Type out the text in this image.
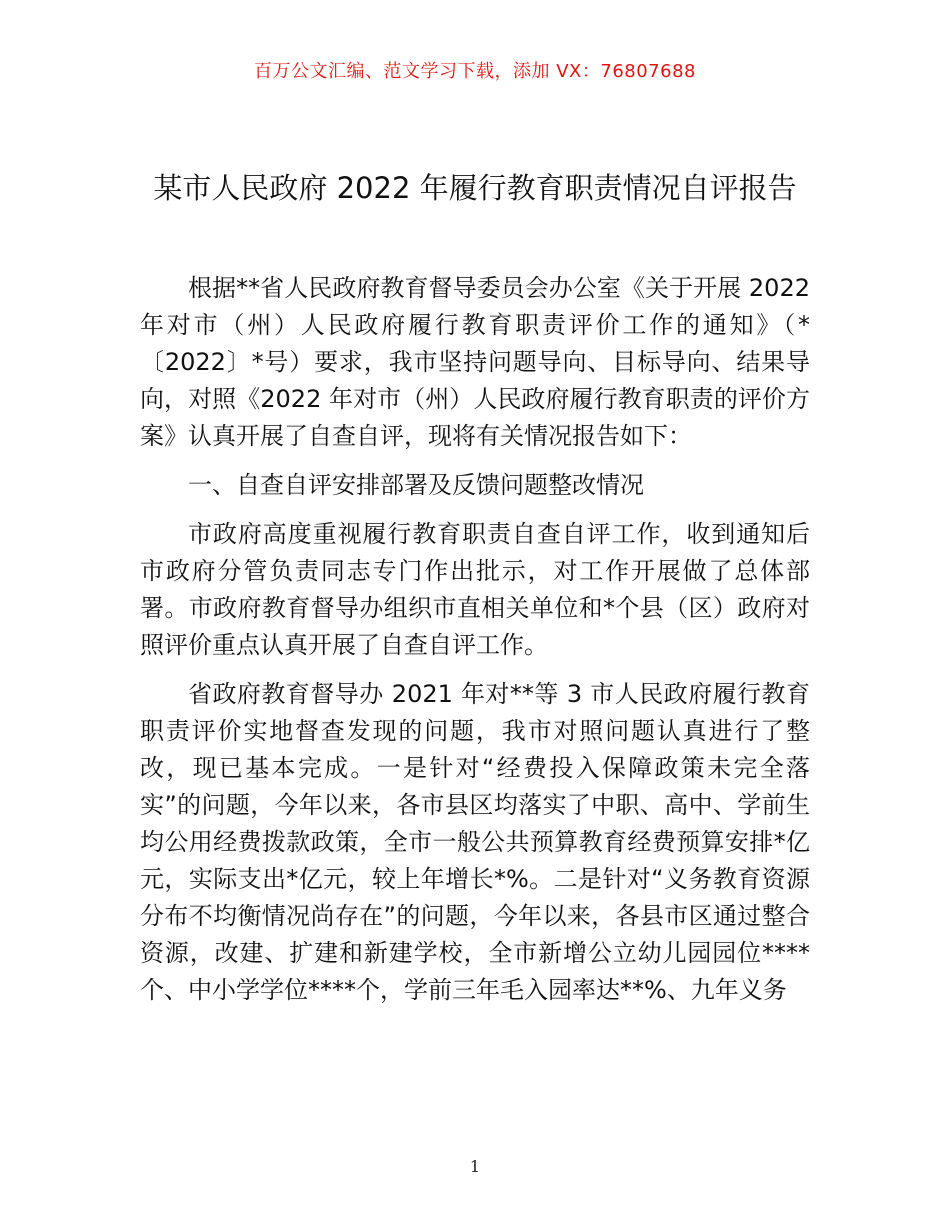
百万公文汇编、范文学习下载，添加 VX：76807688
某市人民政府 2022 年履行教育职责情况自评报告

根据**省人民政府教育督导委员会办公室《关于开展 2022 年对市（州）人民政府履行教育职责评价工作的通知》（*〔2022〕*号）要求，我市坚持问题导向、目标导向、结果导向，对照《2022 年对市（州）人民政府履行教育职责的评价方案》认真开展了自查自评，现将有关情况报告如下：

一、自查自评安排部署及反馈问题整改情况

市政府高度重视履行教育职责自查自评工作，收到通知后市政府分管负责同志专门作出批示，对工作开展做了总体部署。市政府教育督导办组织市直相关单位和*个县（区）政府对照评价重点认真开展了自查自评工作。

省政府教育督导办 2021 年对**等 3 市人民政府履行教育职责评价实地督查发现的问题，我市对照问题认真进行了整改，现已基本完成。一是针对“经费投入保障政策未完全落实”的问题，今年以来，各市县区均落实了中职、高中、学前生均公用经费拨款政策，全市一般公共预算教育经费预算安排*亿元，实际支出*亿元，较上年增长*%。二是针对“义务教育资源分布不均衡情况尚存在”的问题，今年以来，各县市区通过整合资源，改建、扩建和新建学校，全市新增公立幼儿园园位****个、中小学学位****个，学前三年毛入园率达**%、九年义务

1
